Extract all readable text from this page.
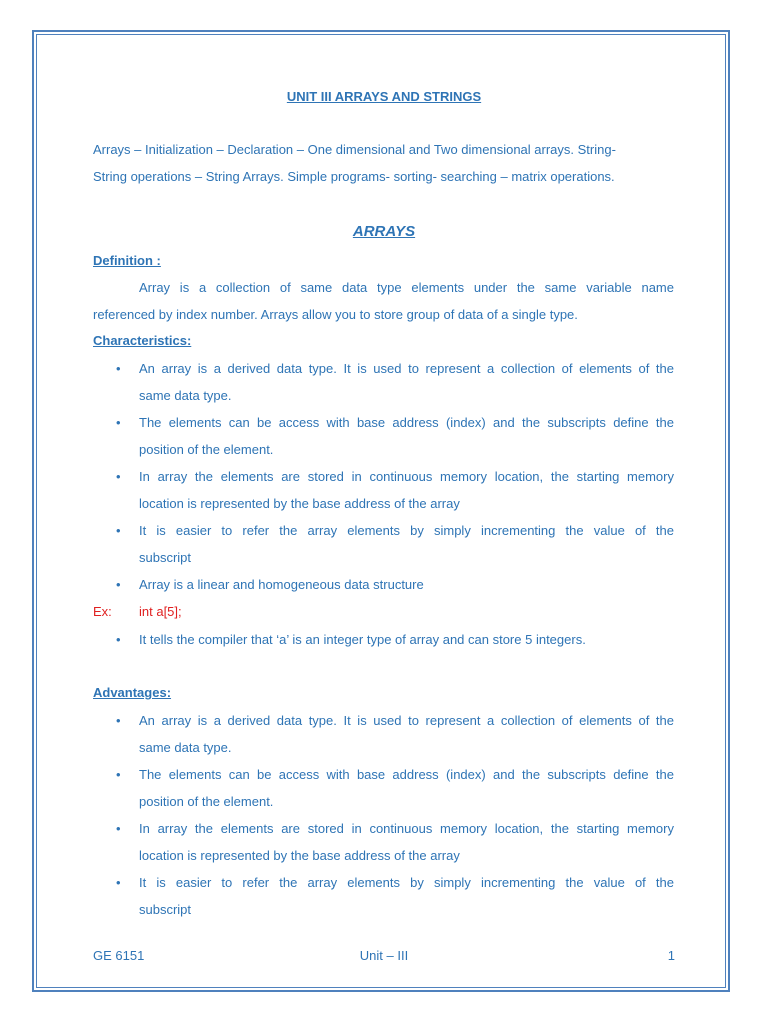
UNIT III ARRAYS AND STRINGS
Arrays – Initialization – Declaration – One dimensional and Two dimensional arrays. String-
String operations – String Arrays. Simple programs- sorting- searching – matrix operations.
ARRAYS
Definition :
Array is a collection of same data type elements under the same variable name
referenced by index number. Arrays allow you to store group of data of a single type.
Characteristics:
• An array is a derived data type. It is used to represent a collection of elements of the
same data type.
• The elements can be access with base address (index) and the subscripts define the
position of the element.
• In array the elements are stored in continuous memory location, the starting memory
location is represented by the base address of the array
• It is easier to refer the array elements by simply incrementing the value of the
subscript
• Array is a linear and homogeneous data structure
Ex: int a[5];
• It tells the compiler that ‘a’ is an integer type of array and can store 5 integers.
Advantages:
• An array is a derived data type. It is used to represent a collection of elements of the
same data type.
• The elements can be access with base address (index) and the subscripts define the
position of the element.
• In array the elements are stored in continuous memory location, the starting memory
location is represented by the base address of the array
• It is easier to refer the array elements by simply incrementing the value of the
subscript
GE 6151	Unit – III	1
